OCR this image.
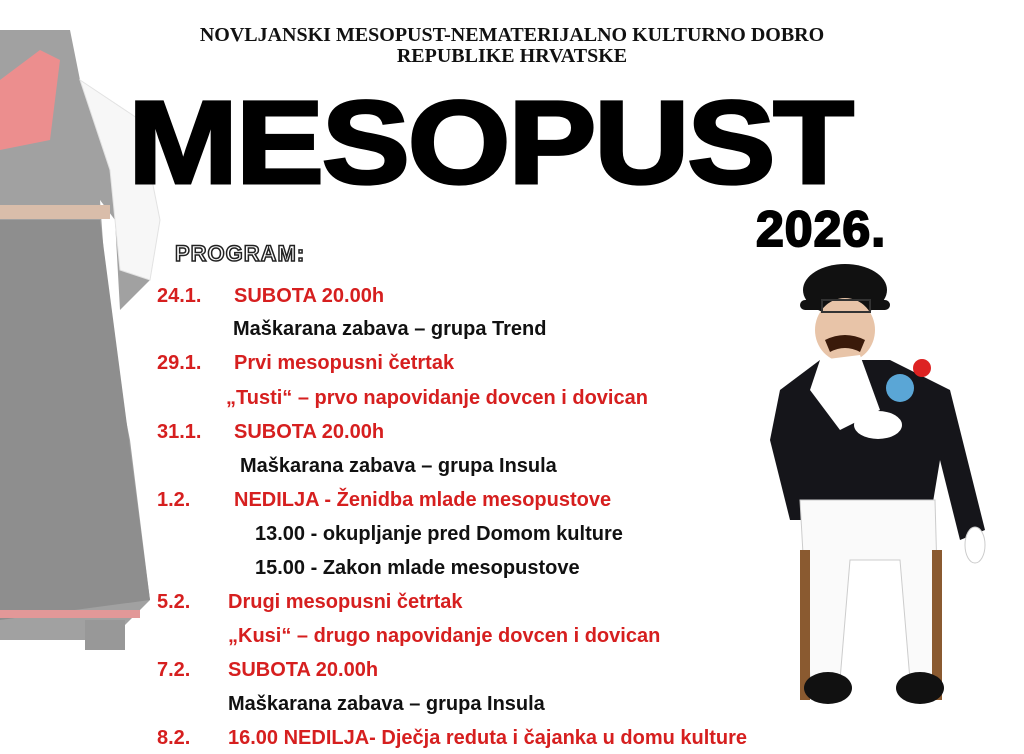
NOVLJANSKI MESOPUST-NEMATERIJALNO KULTURNO DOBRO
REPUBLIKE HRVATSKE
MESOPUST
2026.
PROGRAM:
24.1. SUBOTA 20.00h
Maškarana zabava – grupa Trend
29.1. Prvi mesopusni četrtak
„Tusti“ – prvo napovidanje dovcen i dovican
31.1. SUBOTA 20.00h
Maškarana zabava – grupa Insula
1.2. NEDILJA - Ženidba mlade mesopustove
13.00 - okupljanje pred Domom kulture
15.00 - Zakon mlade mesopustove
5.2. Drugi mesopusni četrtak
„Kusi“ – drugo napovidanje dovcen i dovican
7.2. SUBOTA 20.00h
Maškarana zabava – grupa Insula
8.2. 16.00 NEDILJA- Dječja reduta i čajanka u domu kulture
